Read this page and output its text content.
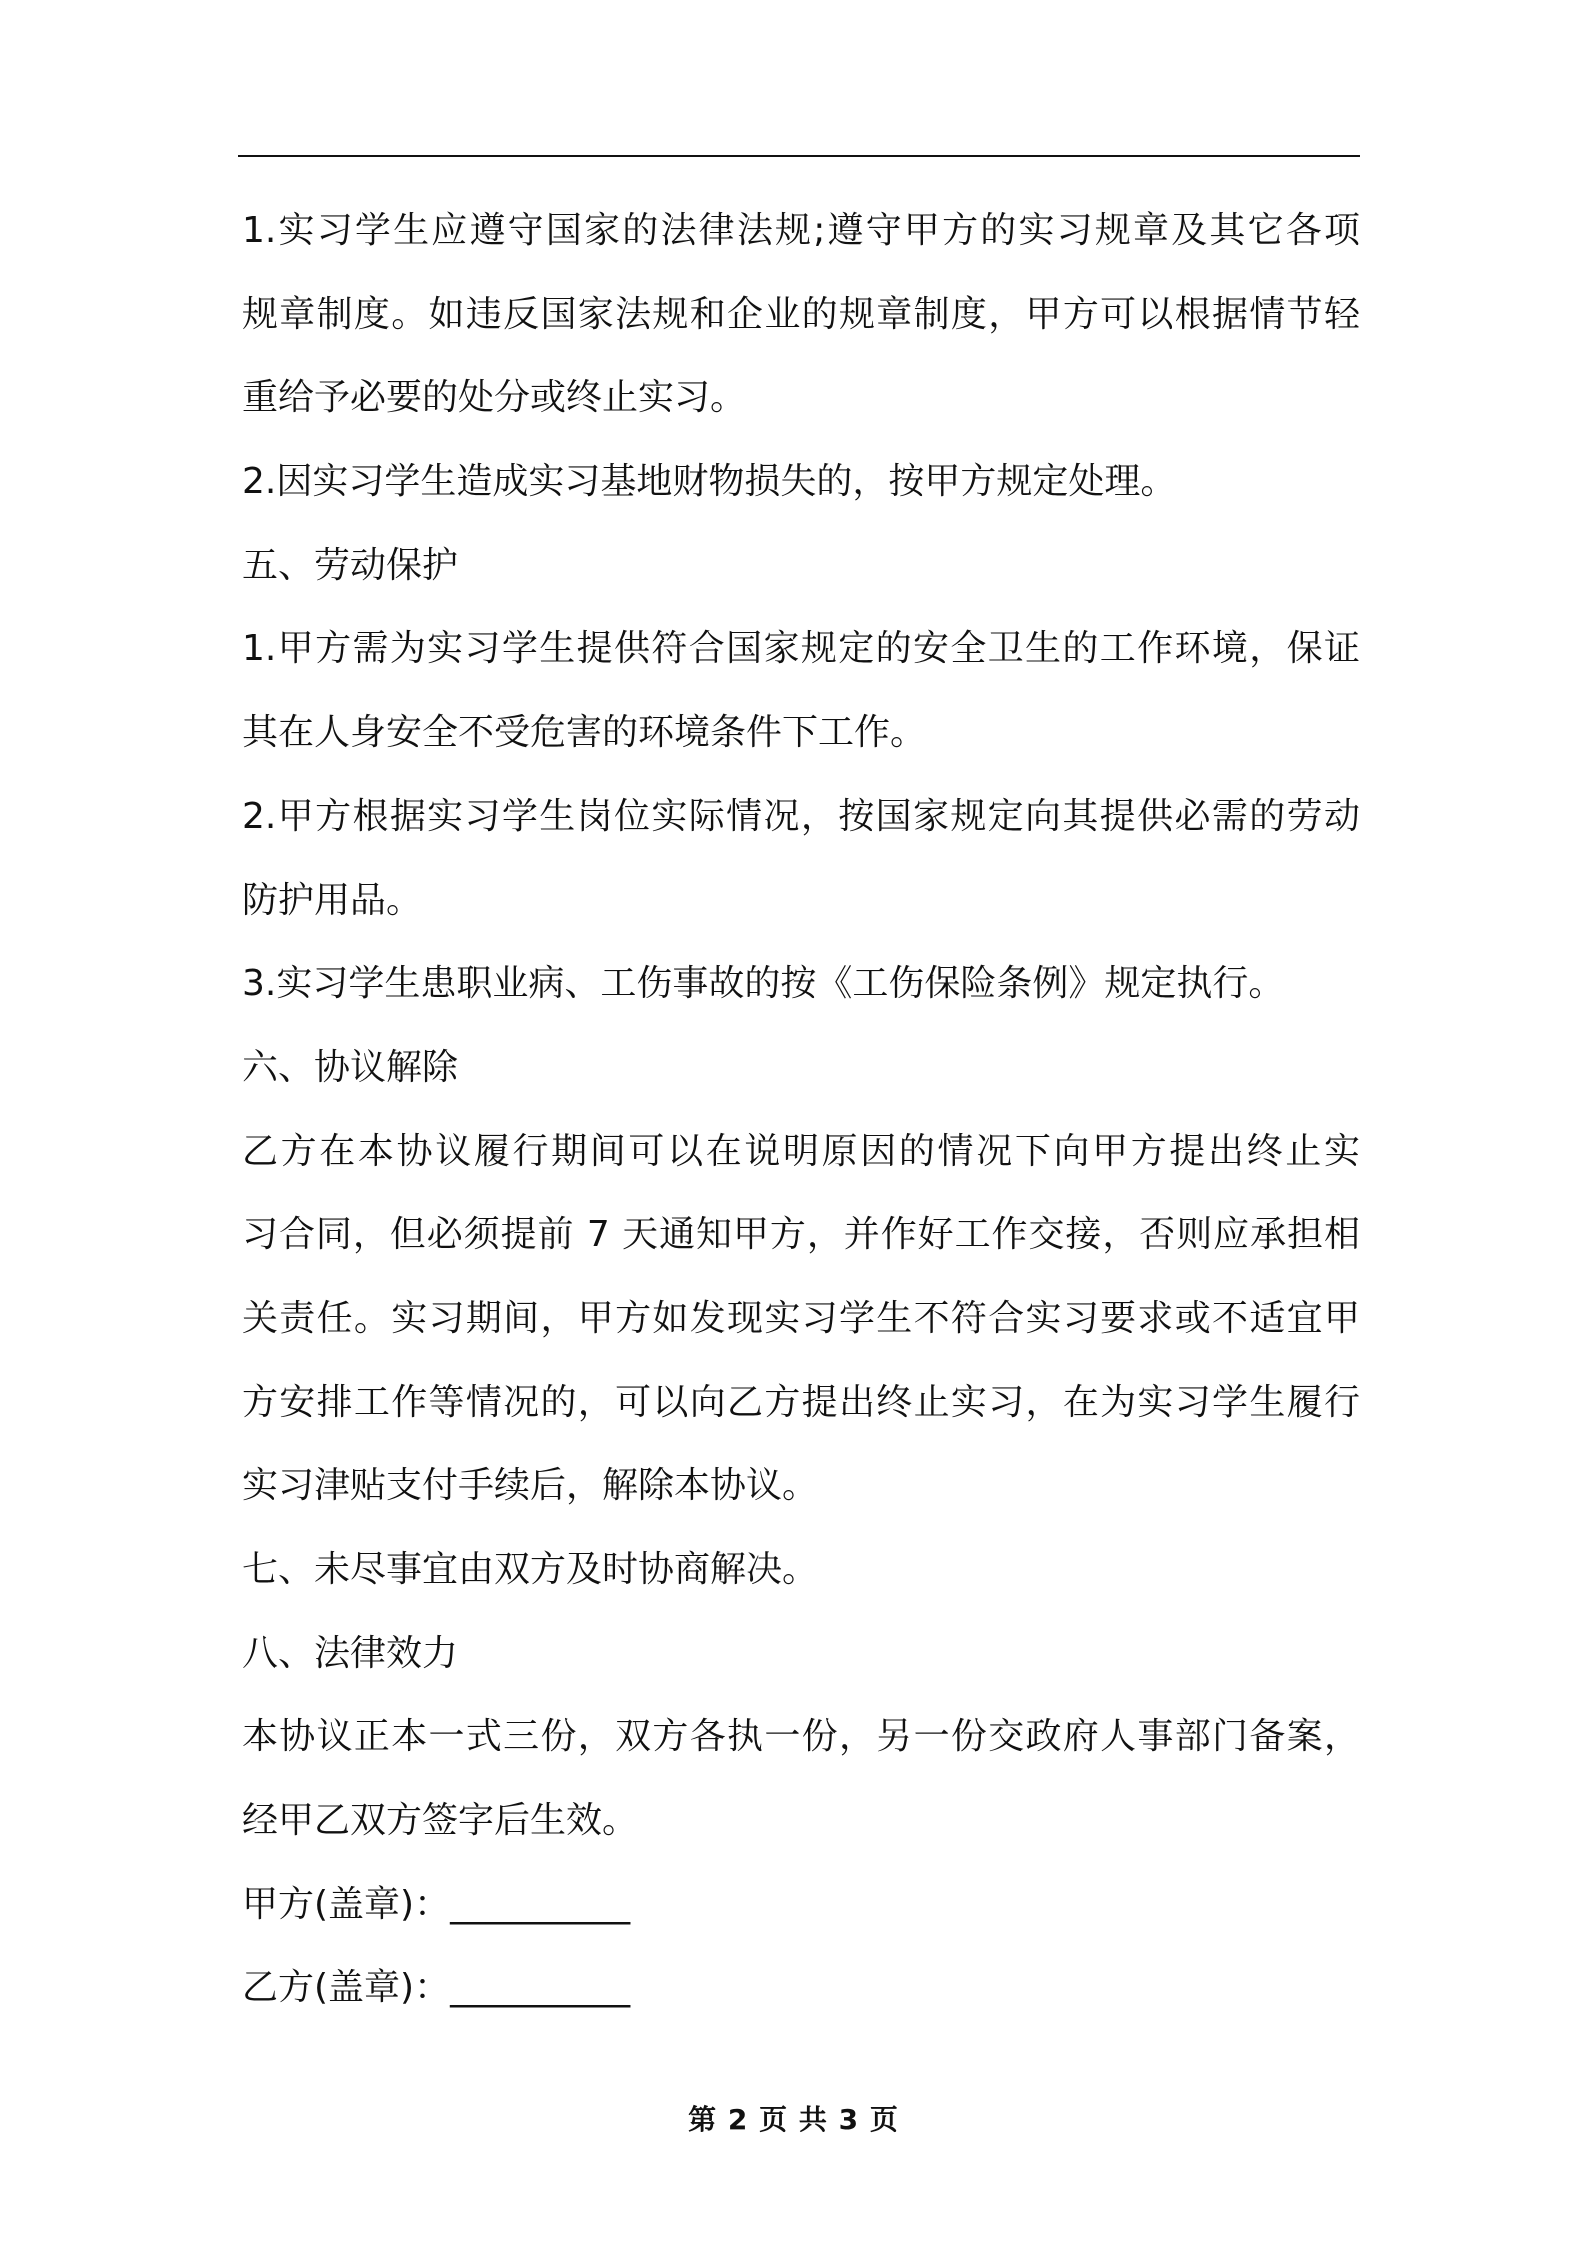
1.实习学生应遵守国家的法律法规;遵守甲方的实习规章及其它各项
规章制度。如违反国家法规和企业的规章制度，甲方可以根据情节轻
重给予必要的处分或终止实习。
2.因实习学生造成实习基地财物损失的，按甲方规定处理。
五、劳动保护
1.甲方需为实习学生提供符合国家规定的安全卫生的工作环境，保证
其在人身安全不受危害的环境条件下工作。
2.甲方根据实习学生岗位实际情况，按国家规定向其提供必需的劳动
防护用品。
3.实习学生患职业病、工伤事故的按《工伤保险条例》规定执行。
六、协议解除
乙方在本协议履行期间可以在说明原因的情况下向甲方提出终止实
习合同，但必须提前 7 天通知甲方，并作好工作交接，否则应承担相
关责任。实习期间，甲方如发现实习学生不符合实习要求或不适宜甲
方安排工作等情况的，可以向乙方提出终止实习，在为实习学生履行
实习津贴支付手续后，解除本协议。
七、未尽事宜由双方及时协商解决。
八、法律效力
本协议正本一式三份，双方各执一份，另一份交政府人事部门备案，
经甲乙双方签字后生效。
甲方(盖章)：__________
乙方(盖章)：__________
第 2 页 共 3 页
